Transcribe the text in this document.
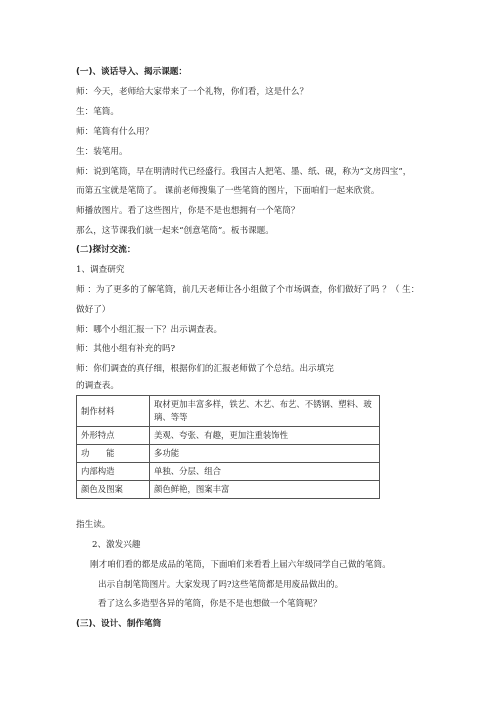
(一)、谈话导入、揭示课题：
师：今天，老师给大家带来了一个礼物，你们看，这是什么？
生：笔筒。
师：笔筒有什么用？
生：装笔用。
师：说到笔筒，早在明清时代已经盛行。我国古人把笔、墨、纸、砚，称为“文房四宝”，
而第五宝就是笔筒了。 课前老师搜集了一些笔筒的图片，下面咱们一起来欣赏。
师播放图片。看了这些图片，你是不是也想拥有一个笔筒？
那么，这节课我们就一起来“创意笔筒”。板书课题。
(二)探讨交流：
1、调查研究
师 ：为了更多的了解笔筒，前几天老师让各小组做了个市场调查，你们做好了吗 ？（ 生：
做好了）
师：哪个小组汇报一下？出示调查表。
师：其他小组有补充的吗?
师：你们调查的真仔细，根据你们的汇报老师做了个总结。出示填完
的调查表。
制作材料	取材更加丰富多样，铁艺、木艺、布艺、不锈钢、塑料、玻
璃、等等

外形特点	美观、夸张、有趣，更加注重装饰性
功　　能	多功能
内部构造	单独、分层、组合
颜色及图案	颜色鲜艳，图案丰富
指生读。
2、激发兴趣
刚才咱们看的都是成品的笔筒，下面咱们来看看上届六年级同学自己做的笔筒。
出示自制笔筒图片。大家发现了吗?这些笔筒都是用废品做出的。
看了这么多造型各异的笔筒，你是不是也想做一个笔筒呢？
(三)、设计、制作笔筒
